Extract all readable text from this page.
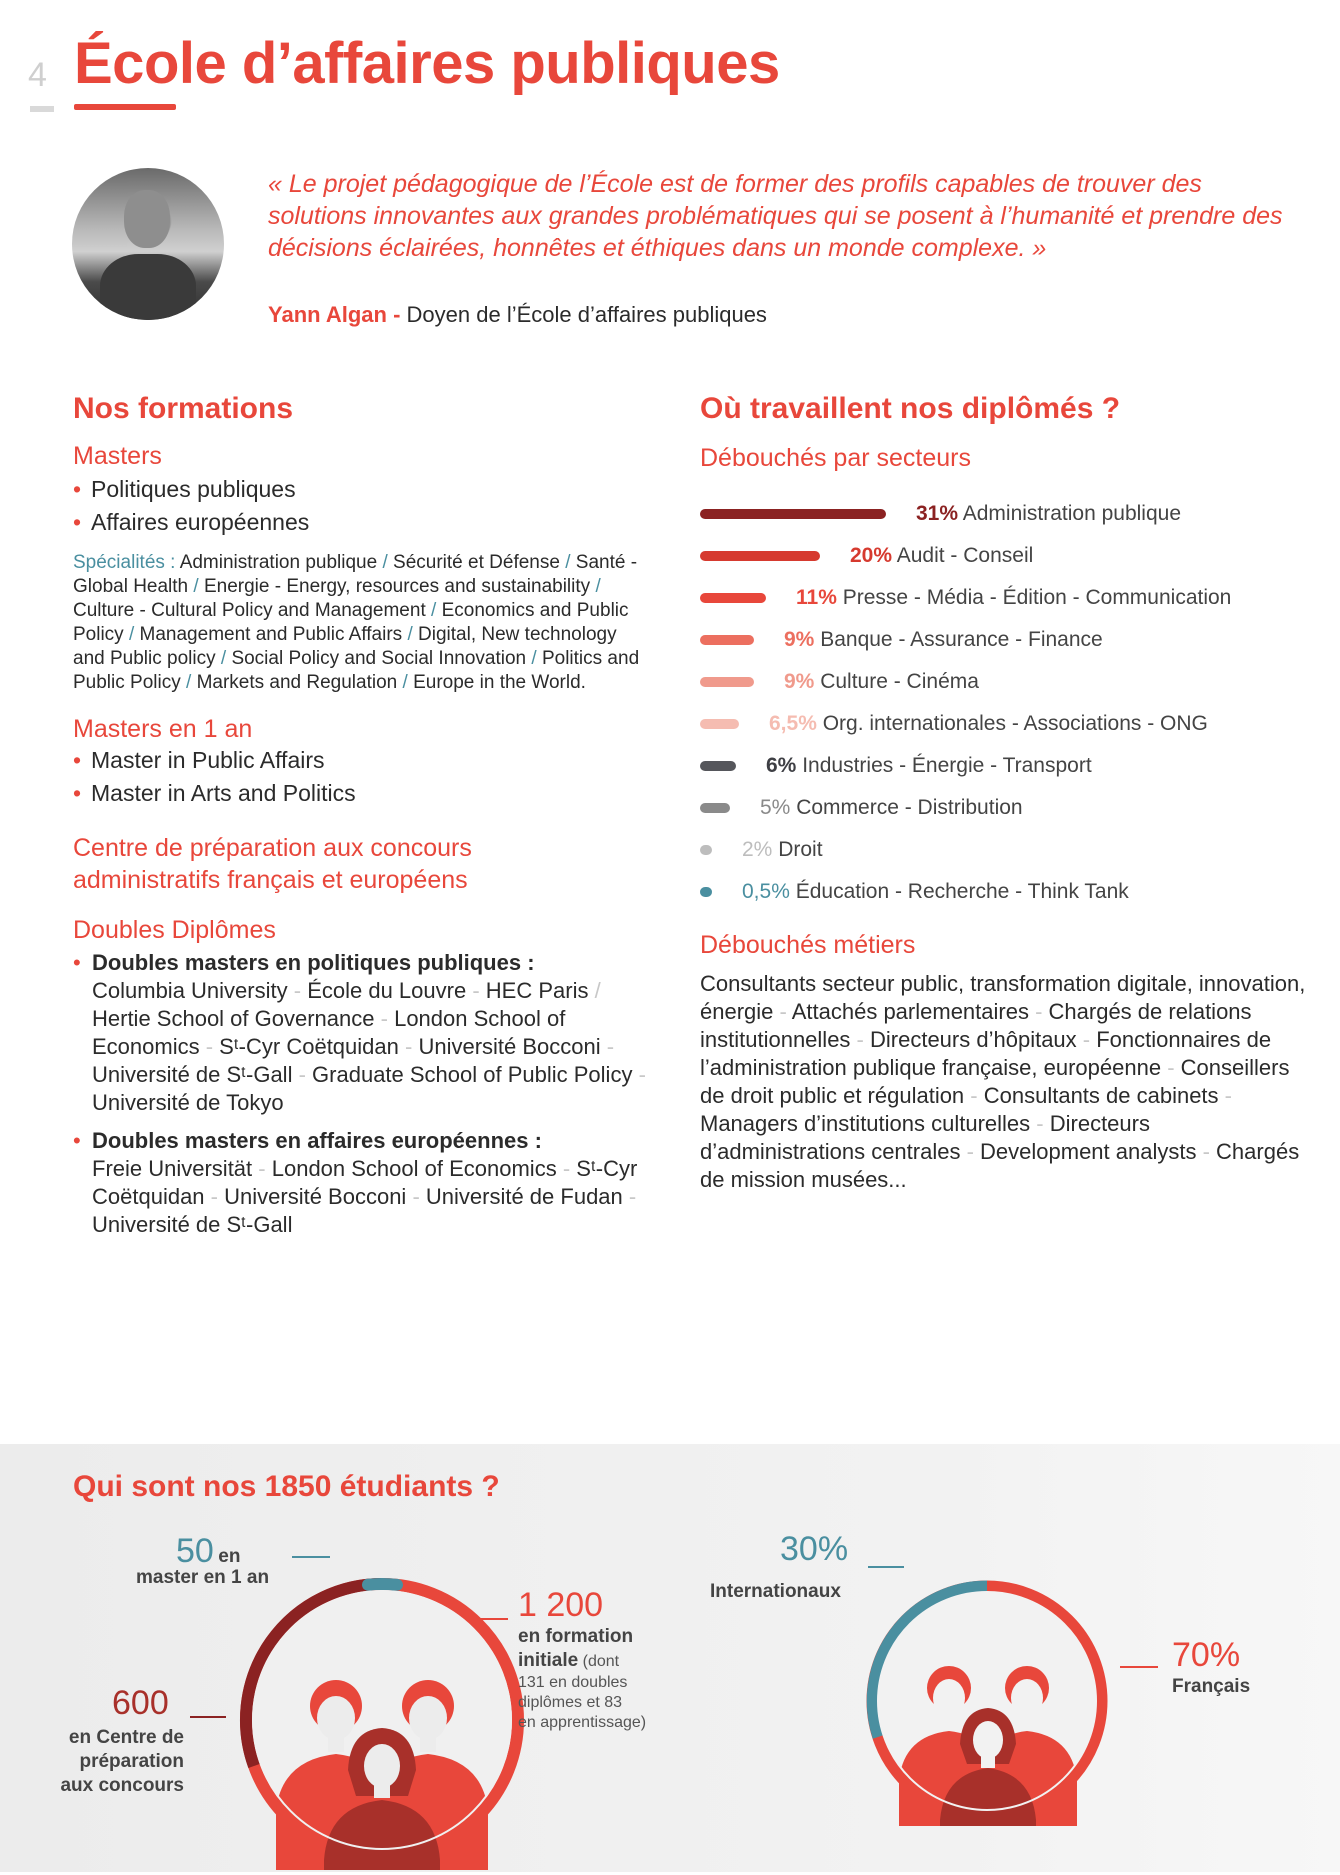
4 École d’affaires publiques
« Le projet pédagogique de l’École est de former des profils capables de trouver des solutions innovantes aux grandes problématiques qui se posent à l’humanité et prendre des décisions éclairées, honnêtes et éthiques dans un monde complexe. »
Yann Algan - Doyen de l’École d’affaires publiques
Nos formations
Masters
• Politiques publiques
• Affaires européennes
Spécialités : Administration publique / Sécurité et Défense / Santé - Global Health / Energie - Energy, resources and sustainability / Culture - Cultural Policy and Management / Economics and Public Policy / Management and Public Affairs / Digital, New technology and Public policy / Social Policy and Social Innovation / Politics and Public Policy / Markets and Regulation / Europe in the World.
Masters en 1 an
• Master in Public Affairs
• Master in Arts and Politics
Centre de préparation aux concours
administratifs français et européens
Doubles Diplômes
• Doubles masters en politiques publiques :
Columbia University - École du Louvre - HEC Paris / Hertie School of Governance - London School of Economics - Sᵗ-Cyr Coëtquidan - Université Bocconi - Université de Sᵗ-Gall - Graduate School of Public Policy - Université de Tokyo
• Doubles masters en affaires européennes :
Freie Universität - London School of Economics - Sᵗ-Cyr Coëtquidan - Université Bocconi - Université de Fudan - Université de Sᵗ-Gall
Où travaillent nos diplômés ?
Débouchés par secteurs
31% Administration publique
20% Audit - Conseil
11% Presse - Média - Édition - Communication
9% Banque - Assurance - Finance
9% Culture - Cinéma
6,5% Org. internationales - Associations - ONG
6% Industries - Énergie - Transport
5% Commerce - Distribution
2% Droit
0,5% Éducation - Recherche - Think Tank
Débouchés métiers
Consultants secteur public, transformation digitale, innovation, énergie - Attachés parlementaires - Chargés de relations institutionnelles - Directeurs d’hôpitaux - Fonctionnaires de l’administration publique française, européenne - Conseillers de droit public et régulation - Consultants de cabinets - Managers d’institutions culturelles - Directeurs d’administrations centrales - Development analysts - Chargés de mission musées...
Qui sont nos 1850 étudiants ?
50 en
master en 1 an
1 200
en formation
initiale (dont
131 en doubles
diplômes et 83
en apprentissage)
600
en Centre de
préparation
aux concours
30%
Internationaux
70%
Français
